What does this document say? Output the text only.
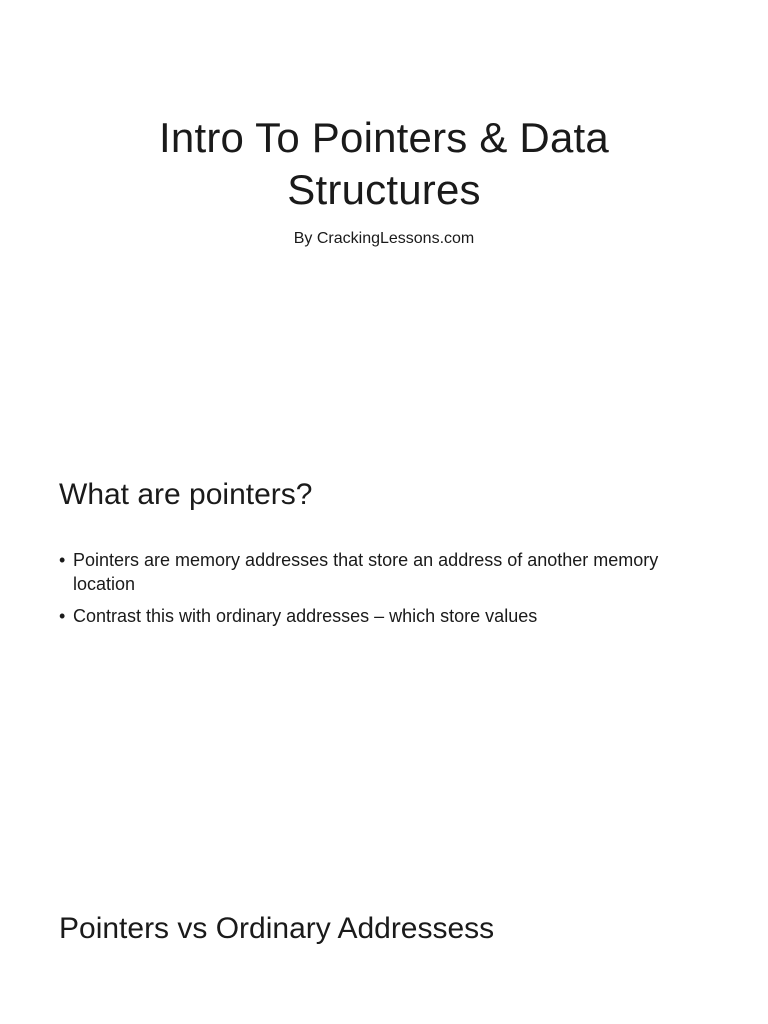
Intro To Pointers & Data
Structures
By CrackingLessons.com
What are pointers?
• Pointers are memory addresses that store an address of another memory location
• Contrast this with ordinary addresses – which store values
Pointers vs Ordinary Addressess
